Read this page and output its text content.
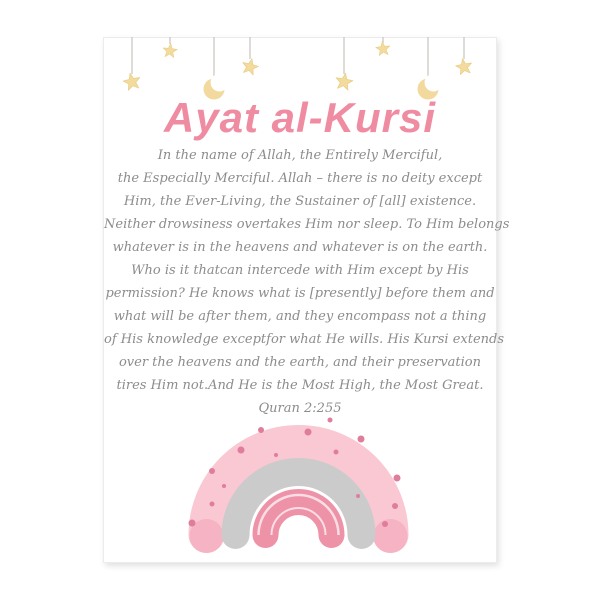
Ayat al-Kursi

In the name of Allah, the Entirely Merciful,

the Especially Merciful. Allah – there is no deity except

Him, the Ever-Living, the Sustainer of [all] existence.

Neither drowsiness overtakes Him nor sleep. To Him belongs

whatever is in the heavens and whatever is on the earth.

Who is it thatcan intercede with Him except by His

permission? He knows what is [presently] before them and

what will be after them, and they encompass not a thing

of His knowledge exceptfor what He wills. His Kursi extends

over the heavens and the earth, and their preservation

tires Him not.And He is the Most High, the Most Great.

Quran 2:255
